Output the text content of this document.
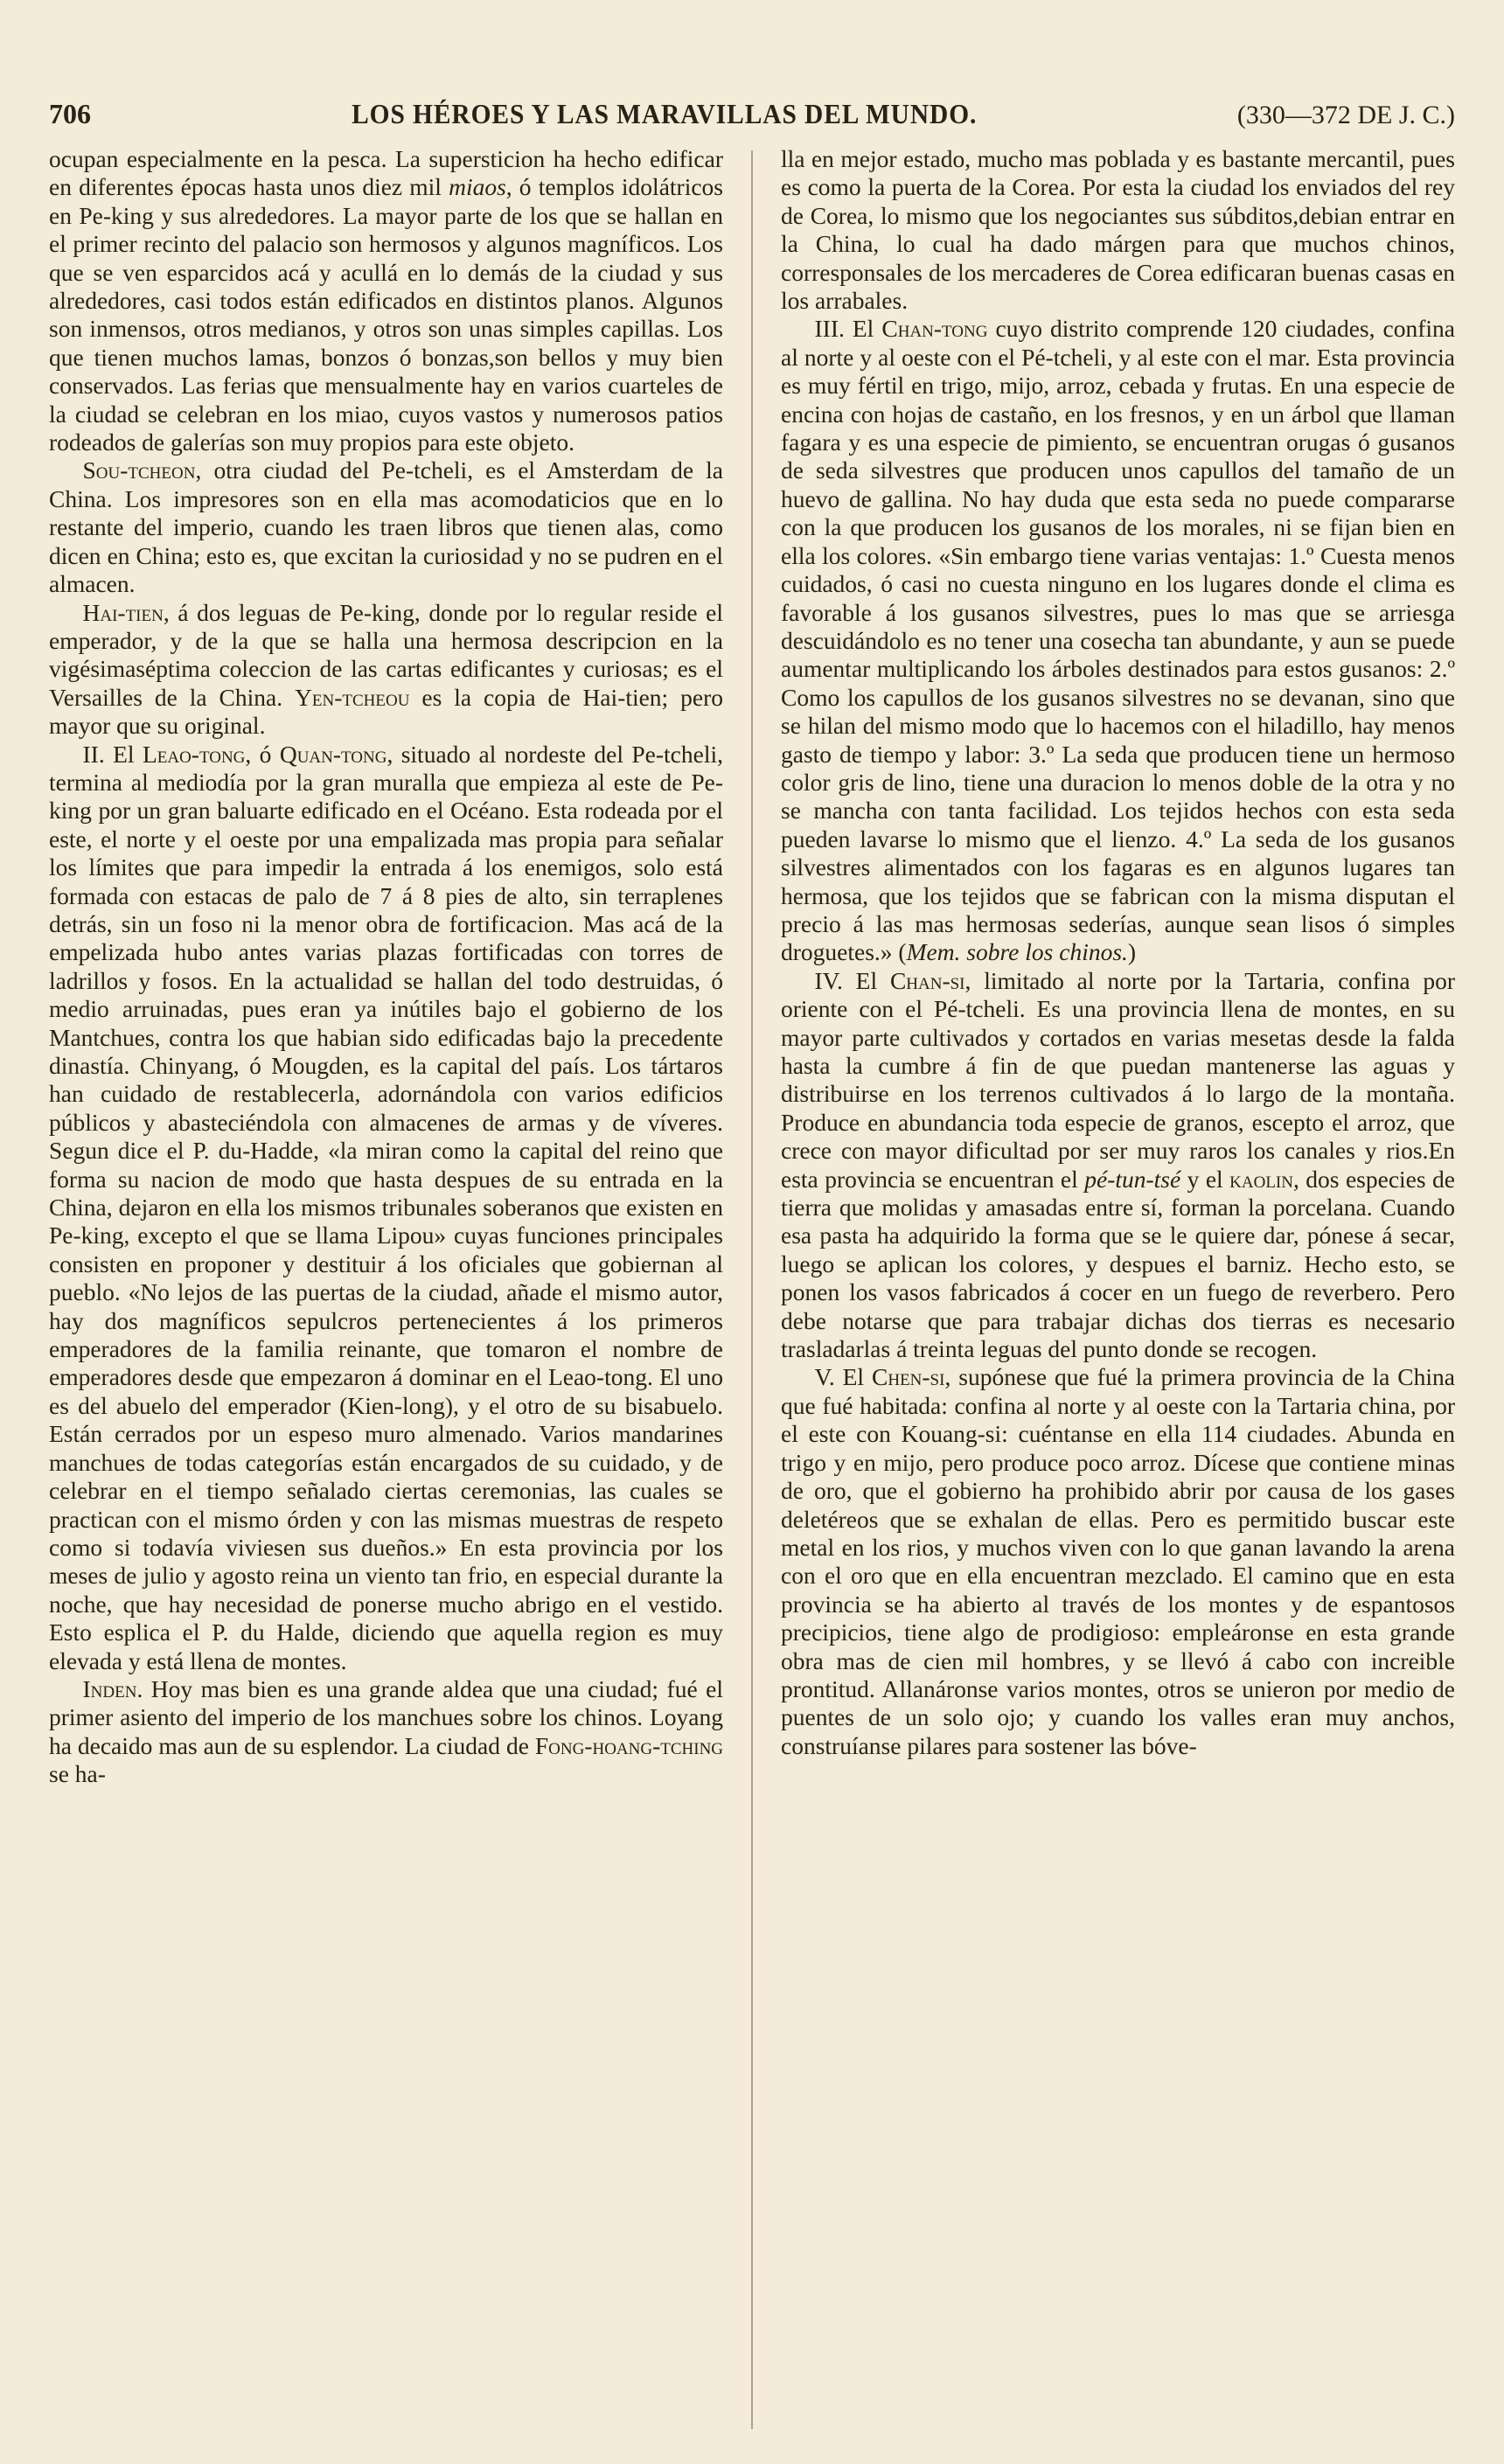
706	LOS HÉROES Y LAS MARAVILLAS DEL MUNDO.	(330—372 DE J. C.)

ocupan especialmente en la pesca. La supersticion ha hecho edificar en diferentes épocas hasta unos diez mil miaos, ó templos idolátricos en Pe-king y sus alrededores. La mayor parte de los que se hallan en el primer recinto del palacio son hermosos y algunos magníficos. Los que se ven esparcidos acá y acullá en lo demás de la ciudad y sus alrededores, casi todos están edificados en distintos planos. Algunos son inmensos, otros medianos, y otros son unas simples capillas. Los que tienen muchos lamas, bonzos ó bonzas,son bellos y muy bien conservados. Las ferias que mensualmente hay en varios cuarteles de la ciudad se celebran en los miao, cuyos vastos y numerosos patios rodeados de galerías son muy propios para este objeto.

Sou-tcheon, otra ciudad del Pe-tcheli, es el Amsterdam de la China. Los impresores son en ella mas acomodaticios que en lo restante del imperio, cuando les traen libros que tienen alas, como dicen en China; esto es, que excitan la curiosidad y no se pudren en el almacen.

Hai-tien, á dos leguas de Pe-king, donde por lo regular reside el emperador, y de la que se halla una hermosa descripcion en la vigésimaséptima coleccion de las cartas edificantes y curiosas; es el Versailles de la China. Yen-tcheou es la copia de Hai-tien; pero mayor que su original.

II. El Leao-tong, ó Quan-tong, situado al nordeste del Pe-tcheli, termina al mediodía por la gran muralla que empieza al este de Pe-king por un gran baluarte edificado en el Océano. Esta rodeada por el este, el norte y el oeste por una empalizada mas propia para señalar los límites que para impedir la entrada á los enemigos, solo está formada con estacas de palo de 7 á 8 pies de alto, sin terraplenes detrás, sin un foso ni la menor obra de fortificacion. Mas acá de la empelizada hubo antes varias plazas fortificadas con torres de ladrillos y fosos. En la actualidad se hallan del todo destruidas, ó medio arruinadas, pues eran ya inútiles bajo el gobierno de los Mantchues, contra los que habian sido edificadas bajo la precedente dinastía. Chinyang, ó Mougden, es la capital del país. Los tártaros han cuidado de restablecerla, adornándola con varios edificios públicos y abasteciéndola con almacenes de armas y de víveres. Segun dice el P. du-Hadde, «la miran como la capital del reino que forma su nacion de modo que hasta despues de su entrada en la China, dejaron en ella los mismos tribunales soberanos que existen en Pe-king, excepto el que se llama Lipou» cuyas funciones principales consisten en proponer y destituir á los oficiales que gobiernan al pueblo. «No lejos de las puertas de la ciudad, añade el mismo autor, hay dos magníficos sepulcros pertenecientes á los primeros emperadores de la familia reinante, que tomaron el nombre de emperadores desde que empezaron á dominar en el Leao-tong. El uno es del abuelo del emperador (Kien-long), y el otro de su bisabuelo. Están cerrados por un espeso muro almenado. Varios mandarines manchues de todas categorías están encargados de su cuidado, y de celebrar en el tiempo señalado ciertas ceremonias, las cuales se practican con el mismo órden y con las mismas muestras de respeto como si todavía viviesen sus dueños.» En esta provincia por los meses de julio y agosto reina un viento tan frio, en especial durante la noche, que hay necesidad de ponerse mucho abrigo en el vestido. Esto esplica el P. du Halde, diciendo que aquella region es muy elevada y está llena de montes.

Inden. Hoy mas bien es una grande aldea que una ciudad; fué el primer asiento del imperio de los manchues sobre los chinos. Loyang ha decaido mas aun de su esplendor. La ciudad de Fong-hoang-tching se ha-

lla en mejor estado, mucho mas poblada y es bastante mercantil, pues es como la puerta de la Corea. Por esta la ciudad los enviados del rey de Corea, lo mismo que los negociantes sus súbditos,debian entrar en la China, lo cual ha dado márgen para que muchos chinos, corresponsales de los mercaderes de Corea edificaran buenas casas en los arrabales.

III. El Chan-tong cuyo distrito comprende 120 ciudades, confina al norte y al oeste con el Pé-tcheli, y al este con el mar. Esta provincia es muy fértil en trigo, mijo, arroz, cebada y frutas. En una especie de encina con hojas de castaño, en los fresnos, y en un árbol que llaman fagara y es una especie de pimiento, se encuentran orugas ó gusanos de seda silvestres que producen unos capullos del tamaño de un huevo de gallina. No hay duda que esta seda no puede compararse con la que producen los gusanos de los morales, ni se fijan bien en ella los colores. «Sin embargo tiene varias ventajas: 1.º Cuesta menos cuidados, ó casi no cuesta ninguno en los lugares donde el clima es favorable á los gusanos silvestres, pues lo mas que se arriesga descuidándolo es no tener una cosecha tan abundante, y aun se puede aumentar multiplicando los árboles destinados para estos gusanos: 2.º Como los capullos de los gusanos silvestres no se devanan, sino que se hilan del mismo modo que lo hacemos con el hiladillo, hay menos gasto de tiempo y labor: 3.º La seda que producen tiene un hermoso color gris de lino, tiene una duracion lo menos doble de la otra y no se mancha con tanta facilidad. Los tejidos hechos con esta seda pueden lavarse lo mismo que el lienzo. 4.º La seda de los gusanos silvestres alimentados con los fagaras es en algunos lugares tan hermosa, que los tejidos que se fabrican con la misma disputan el precio á las mas hermosas sederías, aunque sean lisos ó simples droguetes.» (Mem. sobre los chinos.)

IV. El Chan-si, limitado al norte por la Tartaria, confina por oriente con el Pé-tcheli. Es una provincia llena de montes, en su mayor parte cultivados y cortados en varias mesetas desde la falda hasta la cumbre á fin de que puedan mantenerse las aguas y distribuirse en los terrenos cultivados á lo largo de la montaña. Produce en abundancia toda especie de granos, escepto el arroz, que crece con mayor dificultad por ser muy raros los canales y rios.En esta provincia se encuentran el pé-tun-tsé y el kaolin, dos especies de tierra que molidas y amasadas entre sí, forman la porcelana. Cuando esa pasta ha adquirido la forma que se le quiere dar, pónese á secar, luego se aplican los colores, y despues el barniz. Hecho esto, se ponen los vasos fabricados á cocer en un fuego de reverbero. Pero debe notarse que para trabajar dichas dos tierras es necesario trasladarlas á treinta leguas del punto donde se recogen.

V. El Chen-si, supónese que fué la primera provincia de la China que fué habitada: confina al norte y al oeste con la Tartaria china, por el este con Kouang-si: cuéntanse en ella 114 ciudades. Abunda en trigo y en mijo, pero produce poco arroz. Dícese que contiene minas de oro, que el gobierno ha prohibido abrir por causa de los gases deletéreos que se exhalan de ellas. Pero es permitido buscar este metal en los rios, y muchos viven con lo que ganan lavando la arena con el oro que en ella encuentran mezclado. El camino que en esta provincia se ha abierto al través de los montes y de espantosos precipicios, tiene algo de prodigioso: empleáronse en esta grande obra mas de cien mil hombres, y se llevó á cabo con increible prontitud. Allanáronse varios montes, otros se unieron por medio de puentes de un solo ojo; y cuando los valles eran muy anchos, construíanse pilares para sostener las bóve-
